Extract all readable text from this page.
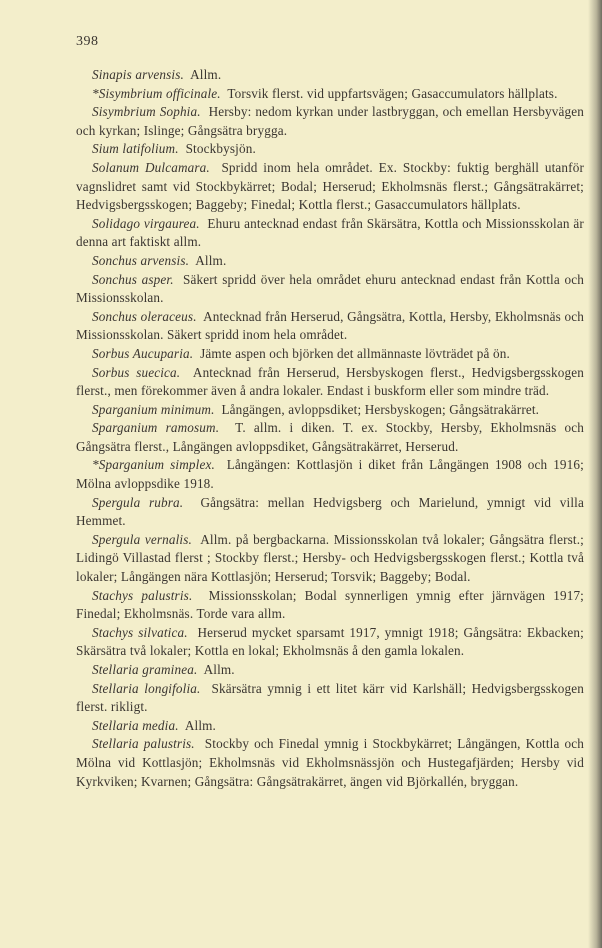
398

Sinapis arvensis. Allm.

*Sisymbrium officinale. Torsvik flerst. vid uppfartsvägen; Gasaccumulators hällplats.

Sisymbrium Sophia. Hersby: nedom kyrkan under lastbryggan, och emellan Hersbyvägen och kyrkan; Islinge; Gångsätra brygga.

Sium latifolium. Stockbysjön.

Solanum Dulcamara. Spridd inom hela området. Ex. Stockby: fuktig berghäll utanför vagnslidret samt vid Stockbykärret; Bodal; Herserud; Ekholmsnäs flerst.; Gångsätrakärret; Hedvigsbergsskogen; Baggeby; Finedal; Kottla flerst.; Gasaccumulators hällplats.

Solidago virgaurea. Ehuru antecknad endast från Skärsätra, Kottla och Missionsskolan är denna art faktiskt allm.

Sonchus arvensis. Allm.

Sonchus asper. Säkert spridd över hela området ehuru antecknad endast från Kottla och Missionsskolan.

Sonchus oleraceus. Antecknad från Herserud, Gångsätra, Kottla, Hersby, Ekholmsnäs och Missionsskolan. Säkert spridd inom hela området.

Sorbus Aucuparia. Jämte aspen och björken det allmännaste lövträdet på ön.

Sorbus suecica. Antecknad från Herserud, Hersbyskogen flerst., Hedvigsbergsskogen flerst., men förekommer även å andra lokaler. Endast i buskform eller som mindre träd.

Sparganium minimum. Långängen, avloppsdiket; Hersbyskogen; Gångsätrakärret.

Sparganium ramosum. T. allm. i diken. T. ex. Stockby, Hersby, Ekholmsnäs och Gångsätra flerst., Långängen avloppsdiket, Gångsätrakärret, Herserud.

*Sparganium simplex. Långängen: Kottlasjön i diket från Långängen 1908 och 1916; Mölna avloppsdike 1918.

Spergula rubra. Gångsätra: mellan Hedvigsberg och Marielund, ymnigt vid villa Hemmet.

Spergula vernalis. Allm. på bergbackarna. Missionsskolan två lokaler; Gångsätra flerst.; Lidingö Villastad flerst ; Stockby flerst.; Hersby- och Hedvigsbergsskogen flerst.; Kottla två lokaler; Långängen nära Kottlasjön; Herserud; Torsvik; Baggeby; Bodal.

Stachys palustris. Missionsskolan; Bodal synnerligen ymnig efter järnvägen 1917; Finedal; Ekholmsnäs. Torde vara allm.

Stachys silvatica. Herserud mycket sparsamt 1917, ymnigt 1918; Gångsätra: Ekbacken; Skärsätra två lokaler; Kottla en lokal; Ekholmsnäs å den gamla lokalen.

Stellaria graminea. Allm.

Stellaria longifolia. Skärsätra ymnig i ett litet kärr vid Karlshäll; Hedvigsbergsskogen flerst. rikligt.

Stellaria media. Allm.

Stellaria palustris. Stockby och Finedal ymnig i Stockbykärret; Långängen, Kottla och Mölna vid Kottlasjön; Ekholmsnäs vid Ekholmsnässjön och Hustegafjärden; Hersby vid Kyrkviken; Kvarnen; Gångsätra: Gångsätrakärret, ängen vid Björkallén, bryggan.
